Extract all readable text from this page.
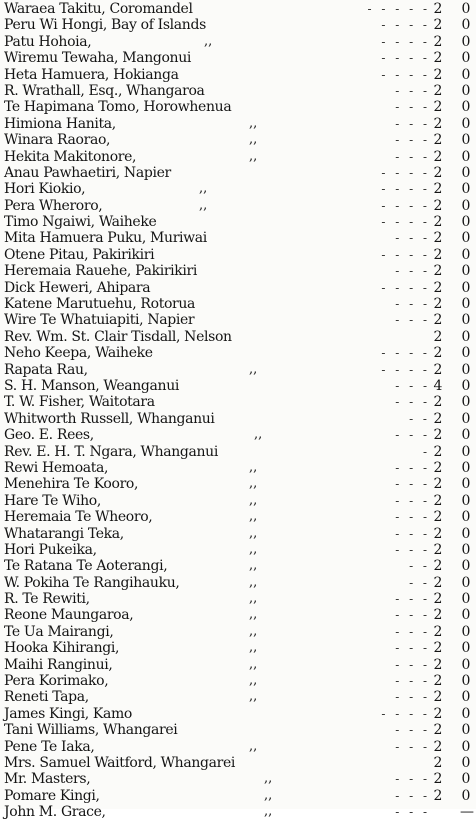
Waraea Takitu, Coromandel	- - - - - 2 0
Peru Wi Hongi, Bay of Islands	- - - - 2 0
Patu Hohoia,	,,	- - - - 2 0
Wiremu Tewaha, Mangonui	- - - - 2 0
Heta Hamuera, Hokianga	- - - - 2 0
R. Wrathall, Esq., Whangaroa	- - - 2 0
Te Hapimana Tomo, Horowhenua	- - - 2 0
Himiona Hanita,	,,	- - - 2 0
Winara Raorao,	,,	- - - 2 0
Hekita Makitonore,	,,	- - - 2 0
Anau Pawhaetiri, Napier	- - - - 2 0
Hori Kiokio,	,,	- - - - 2 0
Pera Wheroro,	,,	- - - - 2 0
Timo Ngaiwi, Waiheke	- - - - 2 0
Mita Hamuera Puku, Muriwai	- - - 2 0
Otene Pitau, Pakirikiri	- - - - 2 0
Heremaia Rauehe, Pakirikiri	- - - 2 0
Dick Heweri, Ahipara	- - - - 2 0
Katene Marutuehu, Rotorua	- - - 2 0
Wire Te Whatuiapiti, Napier	- - - 2 0
Rev. Wm. St. Clair Tisdall, Nelson	2 0
Neho Keepa, Waiheke	- - - - 2 0
Rapata Rau,	,,	- - - - 2 0
S. H. Manson, Weanganui	- - - 4 0
T. W. Fisher, Waitotara	- - - 2 0
Whitworth Russell, Whanganui	- - 2 0
Geo. E. Rees,	,,	- - - 2 0
Rev. E. H. T. Ngara, Whanganui	- 2 0
Rewi Hemoata,	,,	- - - 2 0
Menehira Te Kooro,	,,	- - - 2 0
Hare Te Wiho,	,,	- - - 2 0
Heremaia Te Wheoro,	,,	- - - 2 0
Whatarangi Teka,	,,	- - - 2 0
Hori Pukeika,	,,	- - - 2 0
Te Ratana Te Aoterangi,	,,	- - 2 0
W. Pokiha Te Rangihauku,	,,	- - 2 0
R. Te Rewiti,	,,	- - - 2 0
Reone Maungaroa,	,,	- - - 2 0
Te Ua Mairangi,	,,	- - - 2 0
Hooka Kihirangi,	,,	- - - 2 0
Maihi Ranginui,	,,	- - - 2 0
Pera Korimako,	,,	- - - 2 0
Reneti Tapa,	,,	- - - 2 0
James Kingi, Kamo	- - - - 2 0
Tani Williams, Whangarei	- - - 2 0
Pene Te Iaka,	,,	- - - 2 0
Mrs. Samuel Waitford, Whangarei	2 0
Mr. Masters,	,,	- - - 2 0
Pomare Kingi,	,,	- - - 2 0
John M. Grace,	,,	- - - —
